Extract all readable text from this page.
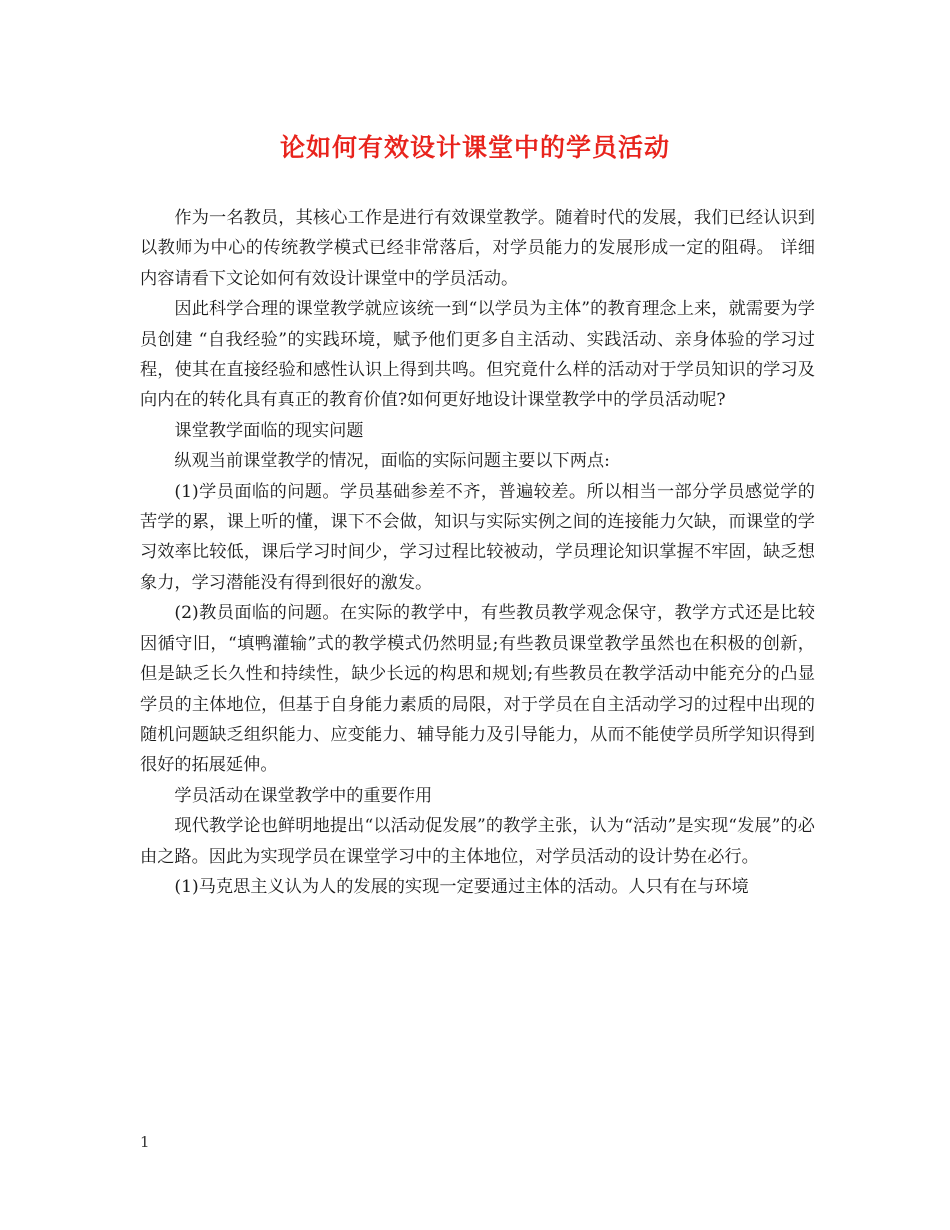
论如何有效设计课堂中的学员活动

作为一名教员，其核心工作是进行有效课堂教学。随着时代的发展，我们已经认识到以教师为中心的传统教学模式已经非常落后，对学员能力的发展形成一定的阻碍。 详细内容请看下文论如何有效设计课堂中的学员活动。

因此科学合理的课堂教学就应该统一到“以学员为主体”的教育理念上来，就需要为学员创建 “自我经验”的实践环境，赋予他们更多自主活动、实践活动、亲身体验的学习过程，使其在直接经验和感性认识上得到共鸣。但究竟什么样的活动对于学员知识的学习及向内在的转化具有真正的教育价值?如何更好地设计课堂教学中的学员活动呢?

课堂教学面临的现实问题

纵观当前课堂教学的情况，面临的实际问题主要以下两点:

(1)学员面临的问题。学员基础参差不齐，普遍较差。所以相当一部分学员感觉学的苦学的累，课上听的懂，课下不会做，知识与实际实例之间的连接能力欠缺，而课堂的学习效率比较低，课后学习时间少，学习过程比较被动，学员理论知识掌握不牢固，缺乏想象力，学习潜能没有得到很好的激发。

(2)教员面临的问题。在实际的教学中，有些教员教学观念保守，教学方式还是比较因循守旧，“填鸭灌输”式的教学模式仍然明显;有些教员课堂教学虽然也在积极的创新，但是缺乏长久性和持续性，缺少长远的构思和规划;有些教员在教学活动中能充分的凸显学员的主体地位，但基于自身能力素质的局限，对于学员在自主活动学习的过程中出现的随机问题缺乏组织能力、应变能力、辅导能力及引导能力，从而不能使学员所学知识得到很好的拓展延伸。

学员活动在课堂教学中的重要作用

现代教学论也鲜明地提出“以活动促发展”的教学主张，认为“活动”是实现“发展”的必由之路。因此为实现学员在课堂学习中的主体地位，对学员活动的设计势在必行。

(1)马克思主义认为人的发展的实现一定要通过主体的活动。人只有在与环境

1
